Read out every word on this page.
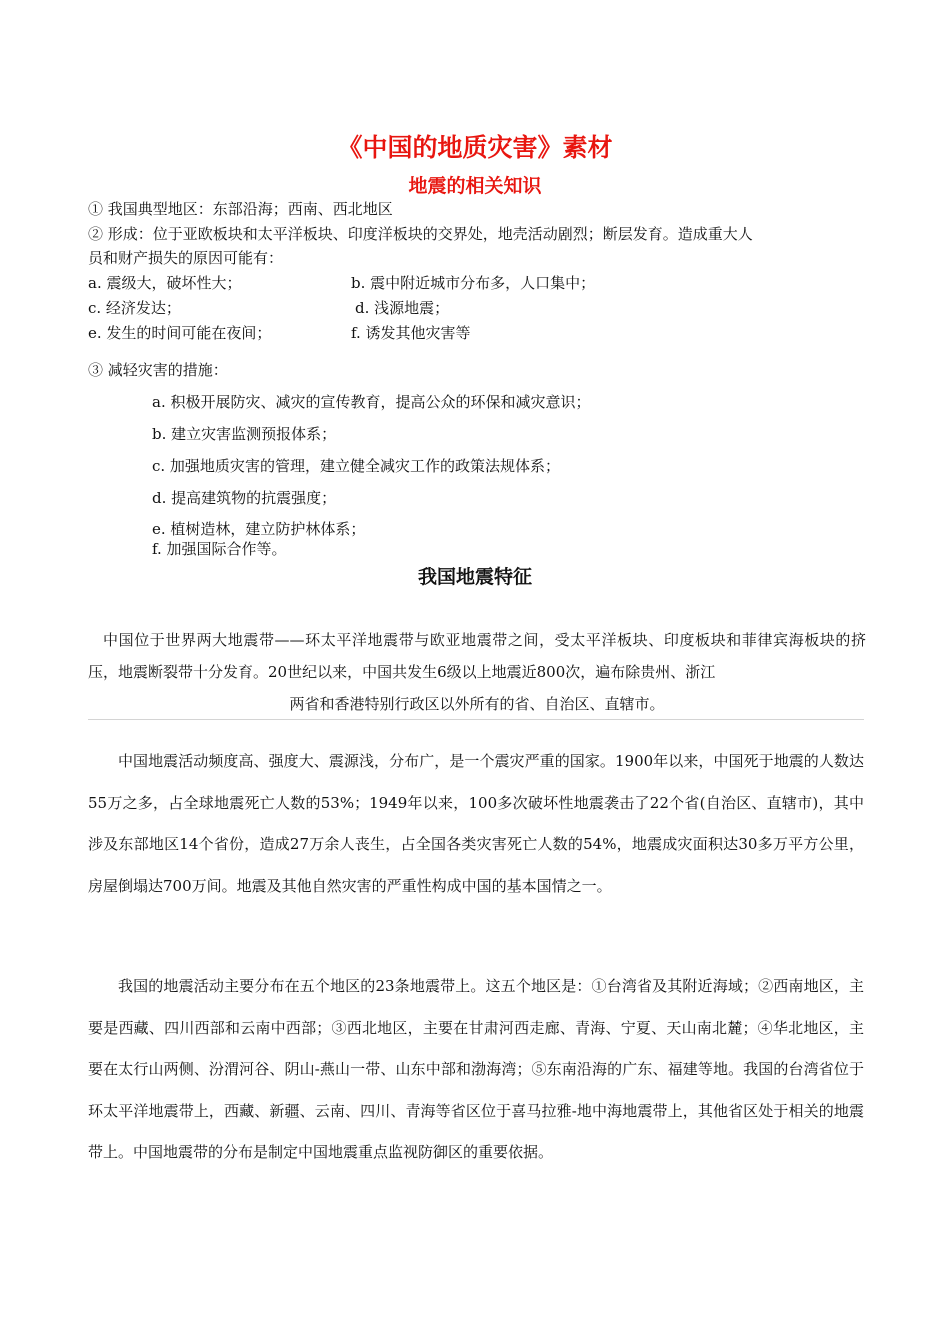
《中国的地质灾害》素材
地震的相关知识

① 我国典型地区：东部沿海；西南、西北地区

② 形成：位于亚欧板块和太平洋板块、印度洋板块的交界处，地壳活动剧烈；断层发育。造成重大人

员和财产损失的原因可能有：

a. 震级大，破坏性大；	b. 震中附近城市分布多，人口集中；

c. 经济发达；	d. 浅源地震；

e. 发生的时间可能在夜间；	f. 诱发其他灾害等

③ 减轻灾害的措施：

a. 积极开展防灾、减灾的宣传教育，提高公众的环保和减灾意识；

b. 建立灾害监测预报体系；

c. 加强地质灾害的管理，建立健全减灾工作的政策法规体系；

d. 提高建筑物的抗震强度；

e. 植树造林，建立防护林体系；

f. 加强国际合作等。

我国地震特征
中国位于世界两大地震带——环太平洋地震带与欧亚地震带之间，受太平洋板块、印度板块和菲律宾海板块的挤压，地震断裂带十分发育。20世纪以来，中国共发生6级以上地震近800次，遍布除贵州、浙江
两省和香港特别行政区以外所有的省、自治区、直辖市。

中国地震活动频度高、强度大、震源浅，分布广，是一个震灾严重的国家。1900年以来，中国死于地震的人数达55万之多，占全球地震死亡人数的53%；1949年以来，100多次破坏性地震袭击了22个省(自治区、直辖市)，其中涉及东部地区14个省份，造成27万余人丧生，占全国各类灾害死亡人数的54%，地震成灾面积达30多万平方公里，房屋倒塌达700万间。地震及其他自然灾害的严重性构成中国的基本国情之一。

我国的地震活动主要分布在五个地区的23条地震带上。这五个地区是：①台湾省及其附近海域；②西南地区，主要是西藏、四川西部和云南中西部；③西北地区，主要在甘肃河西走廊、青海、宁夏、天山南北麓；④华北地区，主要在太行山两侧、汾渭河谷、阴山-燕山一带、山东中部和渤海湾；⑤东南沿海的广东、福建等地。我国的台湾省位于环太平洋地震带上，西藏、新疆、云南、四川、青海等省区位于喜马拉雅-地中海地震带上，其他省区处于相关的地震带上。中国地震带的分布是制定中国地震重点监视防御区的重要依据。
